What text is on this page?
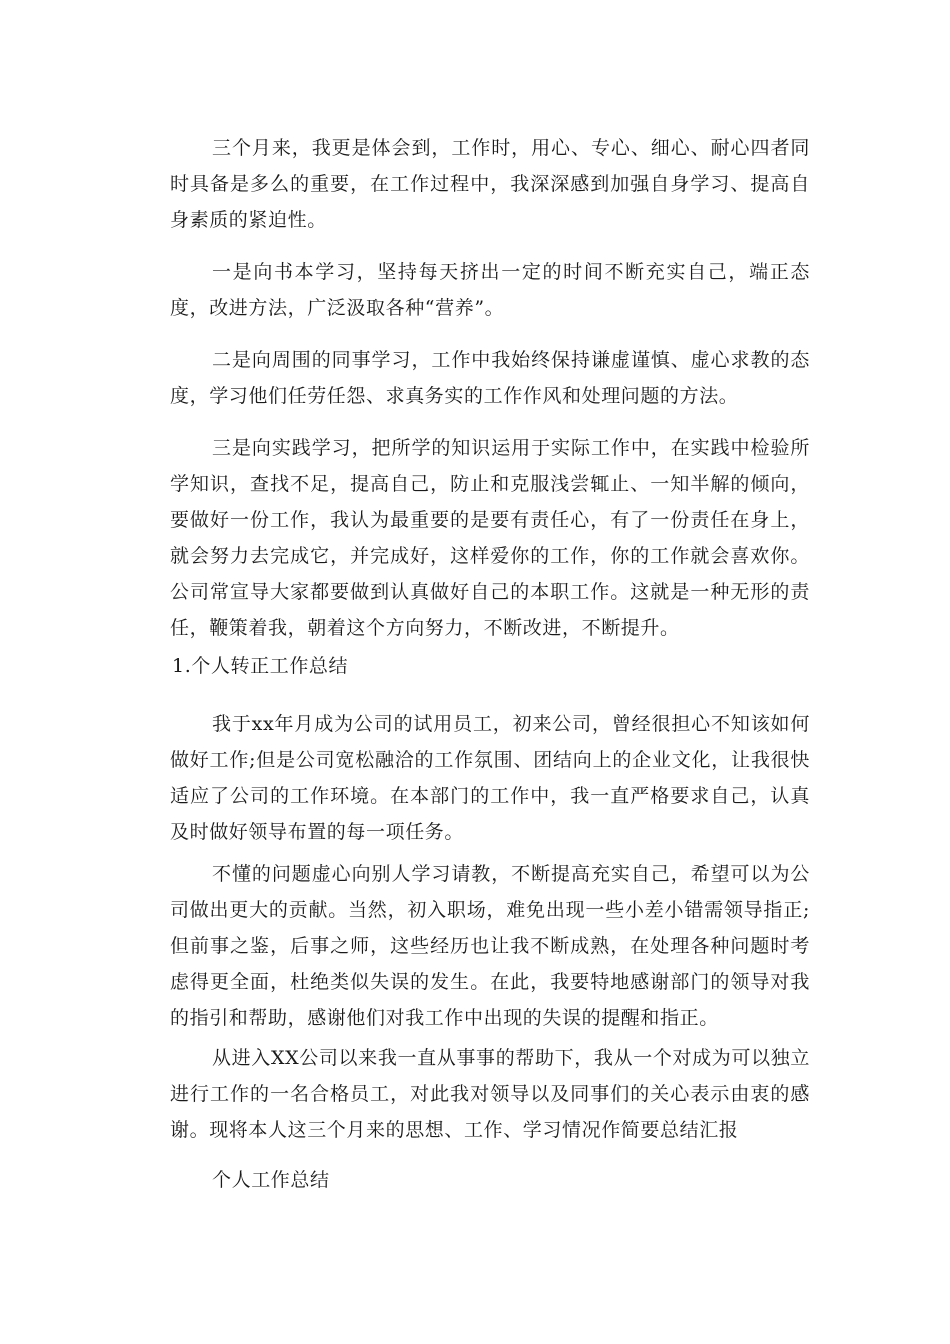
三个月来，我更是体会到，工作时，用心、专心、细心、耐心四者同时具备是多么的重要，在工作过程中，我深深感到加强自身学习、提高自身素质的紧迫性。

一是向书本学习，坚持每天挤出一定的时间不断充实自己，端正态度，改进方法，广泛汲取各种“营养”。

二是向周围的同事学习，工作中我始终保持谦虚谨慎、虚心求教的态度，学习他们任劳任怨、求真务实的工作作风和处理问题的方法。

三是向实践学习，把所学的知识运用于实际工作中，在实践中检验所学知识，查找不足，提高自己，防止和克服浅尝辄止、一知半解的倾向，要做好一份工作，我认为最重要的是要有责任心，有了一份责任在身上，就会努力去完成它，并完成好，这样爱你的工作，你的工作就会喜欢你。公司常宣导大家都要做到认真做好自己的本职工作。这就是一种无形的责任，鞭策着我，朝着这个方向努力，不断改进，不断提升。

1.个人转正工作总结

我于xx年月成为公司的试用员工，初来公司，曾经很担心不知该如何做好工作;但是公司宽松融洽的工作氛围、团结向上的企业文化，让我很快适应了公司的工作环境。在本部门的工作中，我一直严格要求自己，认真及时做好领导布置的每一项任务。

不懂的问题虚心向别人学习请教，不断提高充实自己，希望可以为公司做出更大的贡献。当然，初入职场，难免出现一些小差小错需领导指正;但前事之鉴，后事之师，这些经历也让我不断成熟，在处理各种问题时考虑得更全面，杜绝类似失误的发生。在此，我要特地感谢部门的领导对我的指引和帮助，感谢他们对我工作中出现的失误的提醒和指正。

从进入XX公司以来我一直从事事的帮助下，我从一个对成为可以独立进行工作的一名合格员工，对此我对领导以及同事们的关心表示由衷的感谢。现将本人这三个月来的思想、工作、学习情况作简要总结汇报

个人工作总结
